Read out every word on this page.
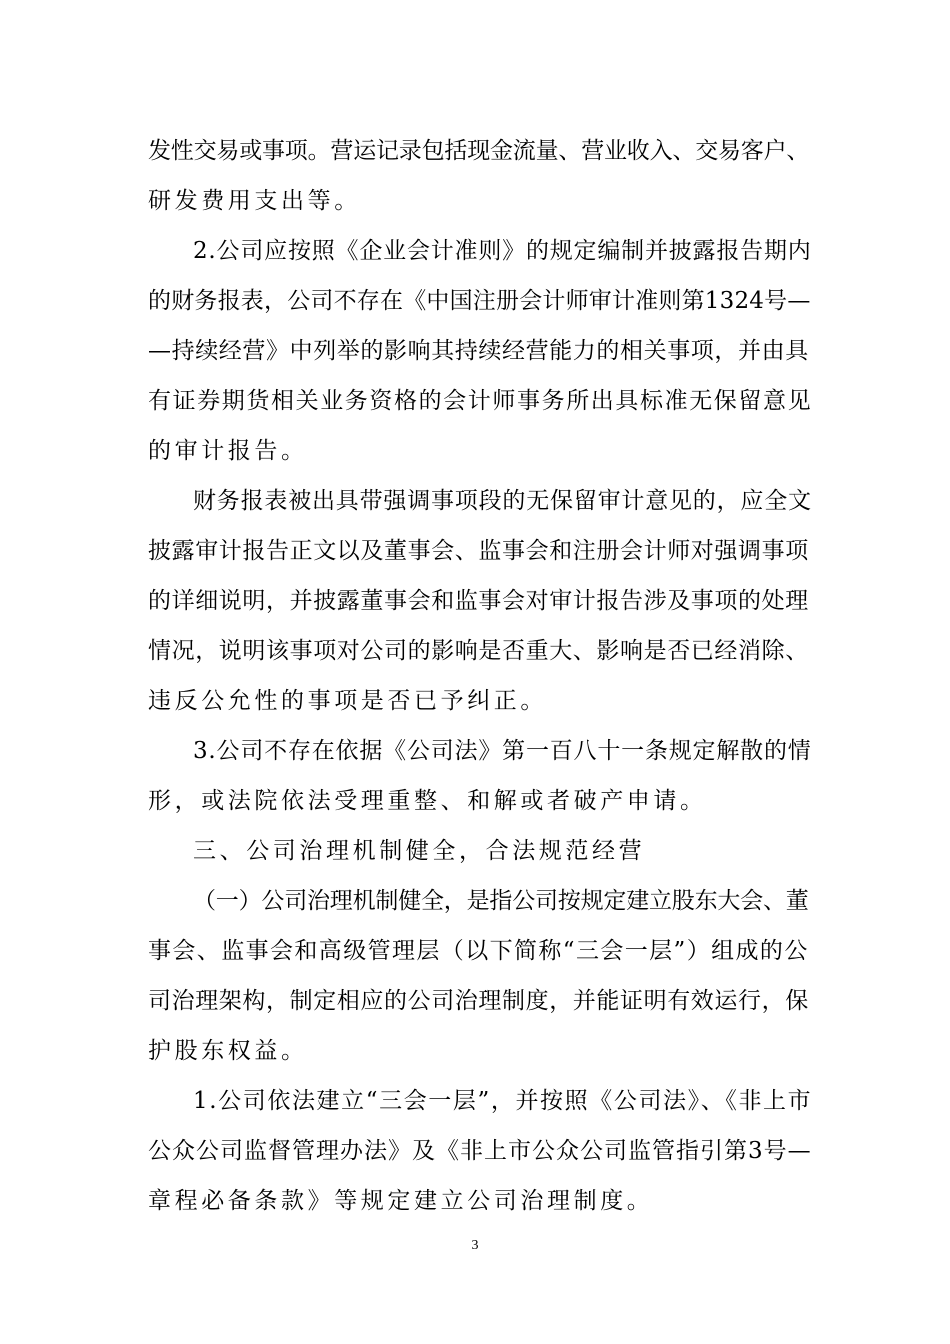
发性交易或事项。营运记录包括现金流量、营业收入、交易客户、
研发费用支出等。
2.公司应按照《企业会计准则》的规定编制并披露报告期内
的财务报表，公司不存在《中国注册会计师审计准则第1324号—
—持续经营》中列举的影响其持续经营能力的相关事项，并由具
有证券期货相关业务资格的会计师事务所出具标准无保留意见
的审计报告。
财务报表被出具带强调事项段的无保留审计意见的，应全文
披露审计报告正文以及董事会、监事会和注册会计师对强调事项
的详细说明，并披露董事会和监事会对审计报告涉及事项的处理
情况，说明该事项对公司的影响是否重大、影响是否已经消除、
违反公允性的事项是否已予纠正。
3.公司不存在依据《公司法》第一百八十一条规定解散的情
形，或法院依法受理重整、和解或者破产申请。
三、公司治理机制健全，合法规范经营
（一）公司治理机制健全，是指公司按规定建立股东大会、董
事会、监事会和高级管理层（以下简称“三会一层”）组成的公
司治理架构，制定相应的公司治理制度，并能证明有效运行，保
护股东权益。
1.公司依法建立“三会一层”，并按照《公司法》、《非上市
公众公司监督管理办法》及《非上市公众公司监管指引第3号—
章程必备条款》等规定建立公司治理制度。
3
